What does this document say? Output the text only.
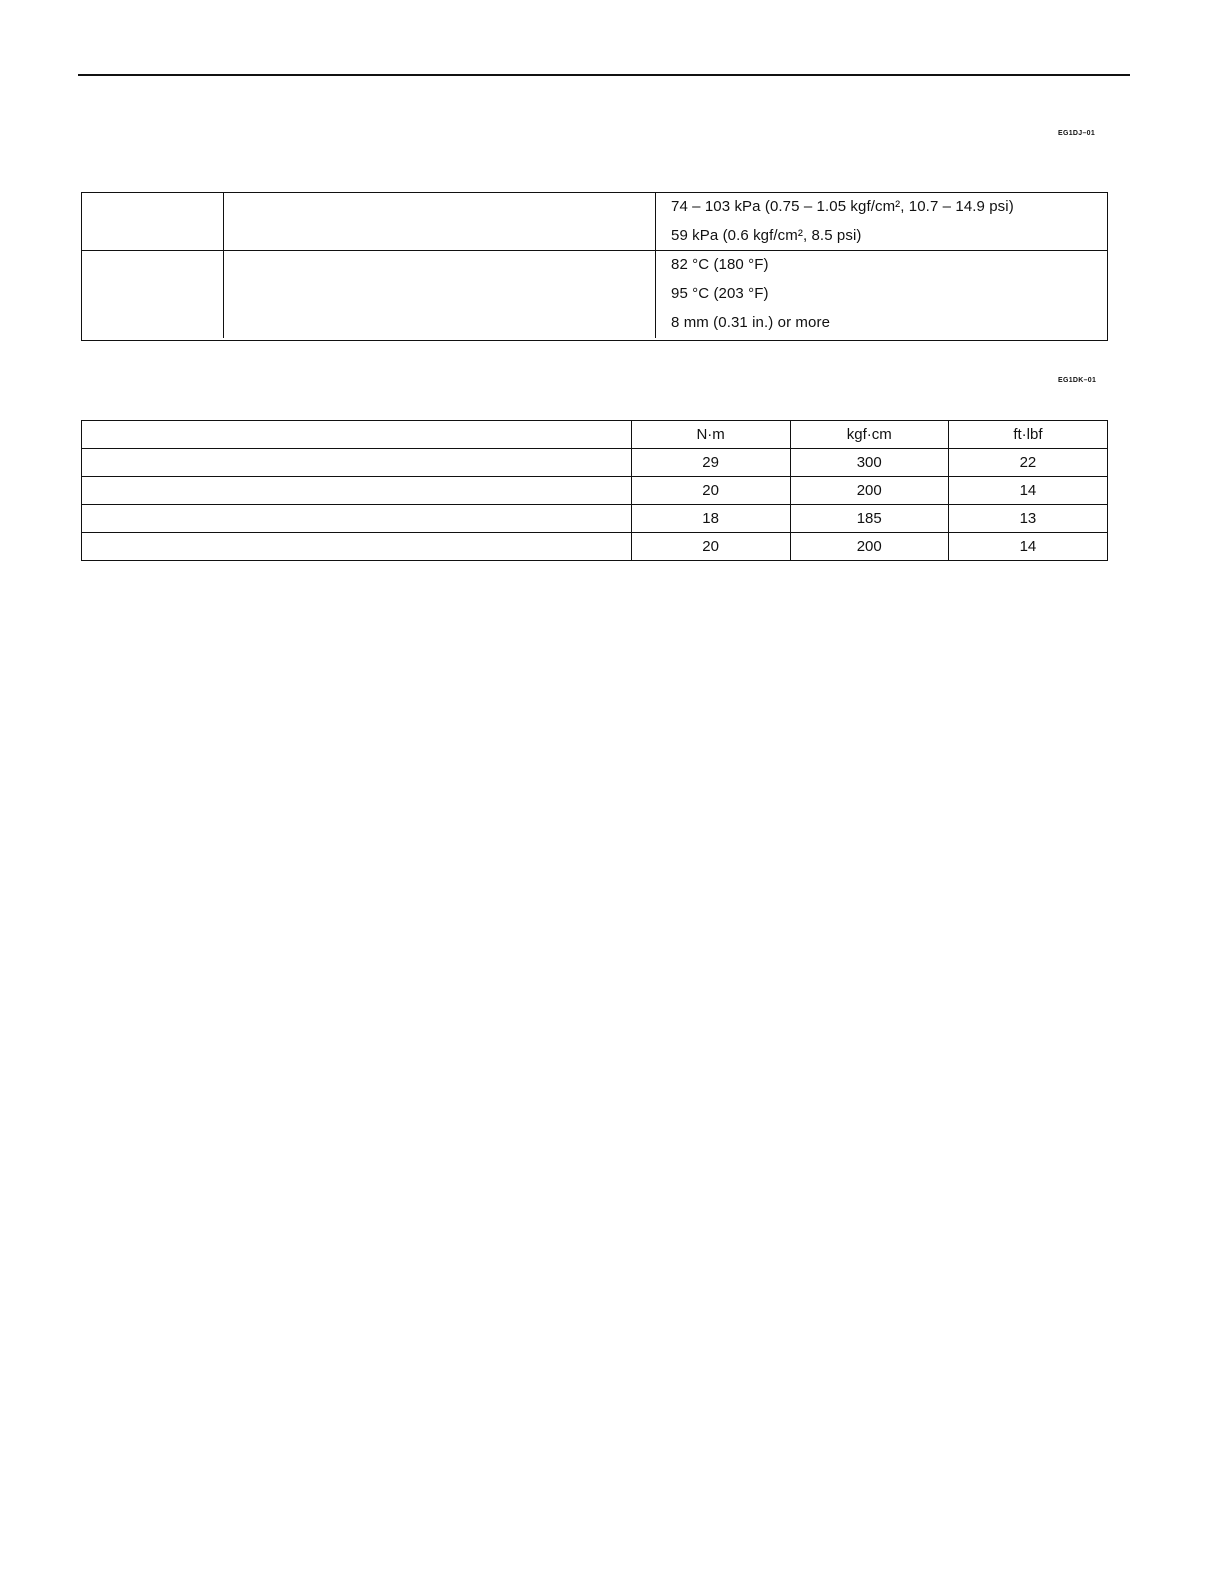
EG1DJ–01
74 – 103 kPa (0.75 – 1.05 kgf/cm², 10.7 – 14.9 psi)
59 kPa (0.6 kgf/cm², 8.5 psi)
82 °C (180 °F)
95 °C (203 °F)
8 mm (0.31 in.) or more
EG1DK–01
	N·m	kgf·cm	ft·lbf
	29	300	22
	20	200	14
	18	185	13
	20	200	14
